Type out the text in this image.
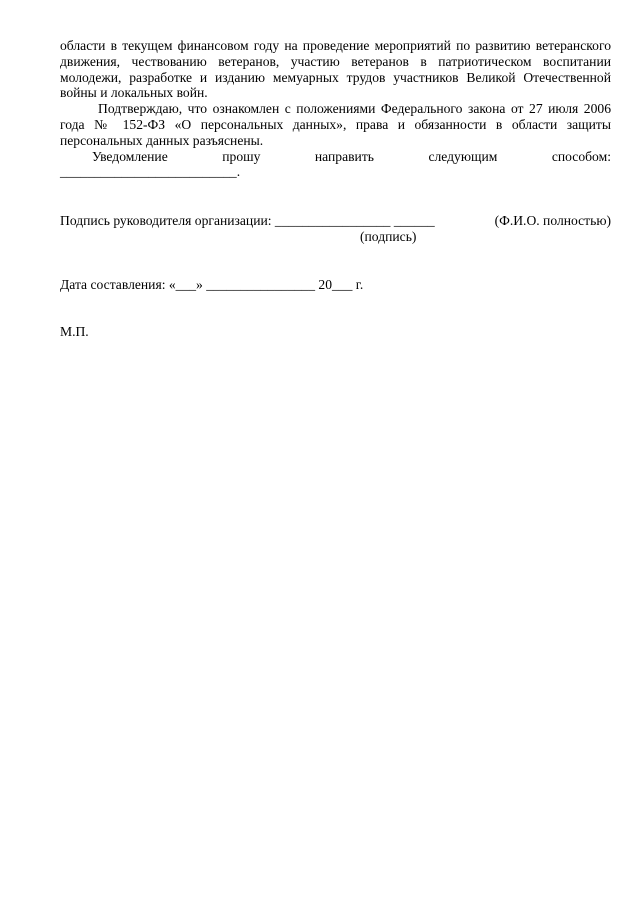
области в текущем финансовом году на проведение мероприятий по развитию ветеранского движения, чествованию ветеранов, участию ветеранов в патриотическом воспитании молодежи, разработке и изданию мемуарных трудов участников Великой Отечественной войны и локальных войн.

Подтверждаю, что ознакомлен с положениями Федерального закона от 27 июля 2006 года № 152-ФЗ «О персональных данных», права и обязанности в области защиты персональных данных разъяснены.

Уведомление	прошу	направить	следующим	способом:
__________________________.
Подпись руководителя организации: _________________ ______	(Ф.И.О. полностью)
(подпись)
Дата составления: «___» ________________ 20___ г.
М.П.
